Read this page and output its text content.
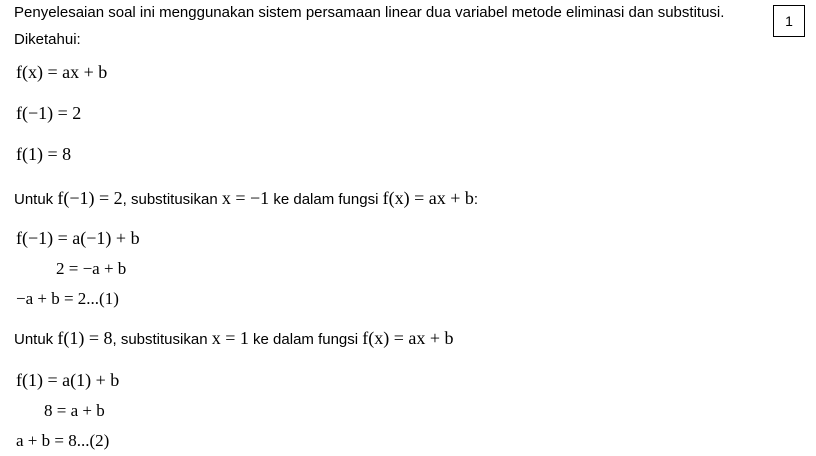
1
Penyelesaian soal ini menggunakan sistem persamaan linear dua variabel metode eliminasi dan substitusi.
Diketahui:
f(x) = ax + b
f(−1) = 2
f(1) = 8
Untuk f(−1) = 2, substitusikan x = −1 ke dalam fungsi f(x) = ax + b:
f(−1) = a(−1) + b
2 = −a + b
−a + b = 2...(1)
Untuk f(1) = 8, substitusikan x = 1 ke dalam fungsi f(x) = ax + b
f(1) = a(1) + b
8 = a + b
a + b = 8...(2)
